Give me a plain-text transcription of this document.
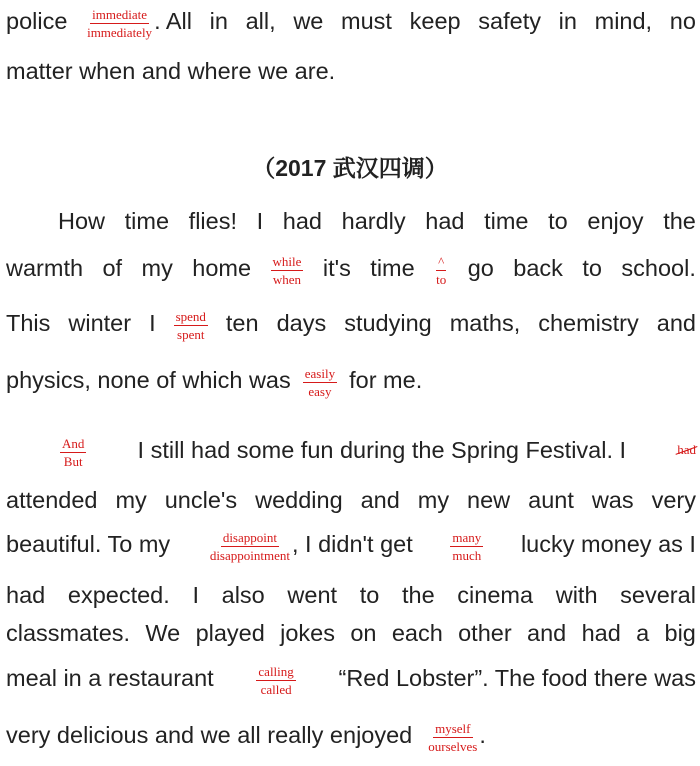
police immediate
immediately . All in all, we must keep safety in mind, no
matter when and where we are.
（2017 武汉四调）
How time flies! I had hardly had time to enjoy the
warmth of my home while
when it's time ^
to go back to school.
This winter I spend
spent ten days studying maths, chemistry and
physics, none of which was easily
easy for me.
And
But I still had some fun during the Spring Festival. I	had
attended my uncle's wedding and my new aunt was very
beautiful. To my	disappoint
disappointment , I didn't get	many
much lucky money as I
had expected. I also went to the cinema with several
classmates. We played jokes on each other and had a big
meal in a restaurant	calling
called “Red Lobster”. The food there was
very delicious and we all really enjoyed myself
ourselves .
